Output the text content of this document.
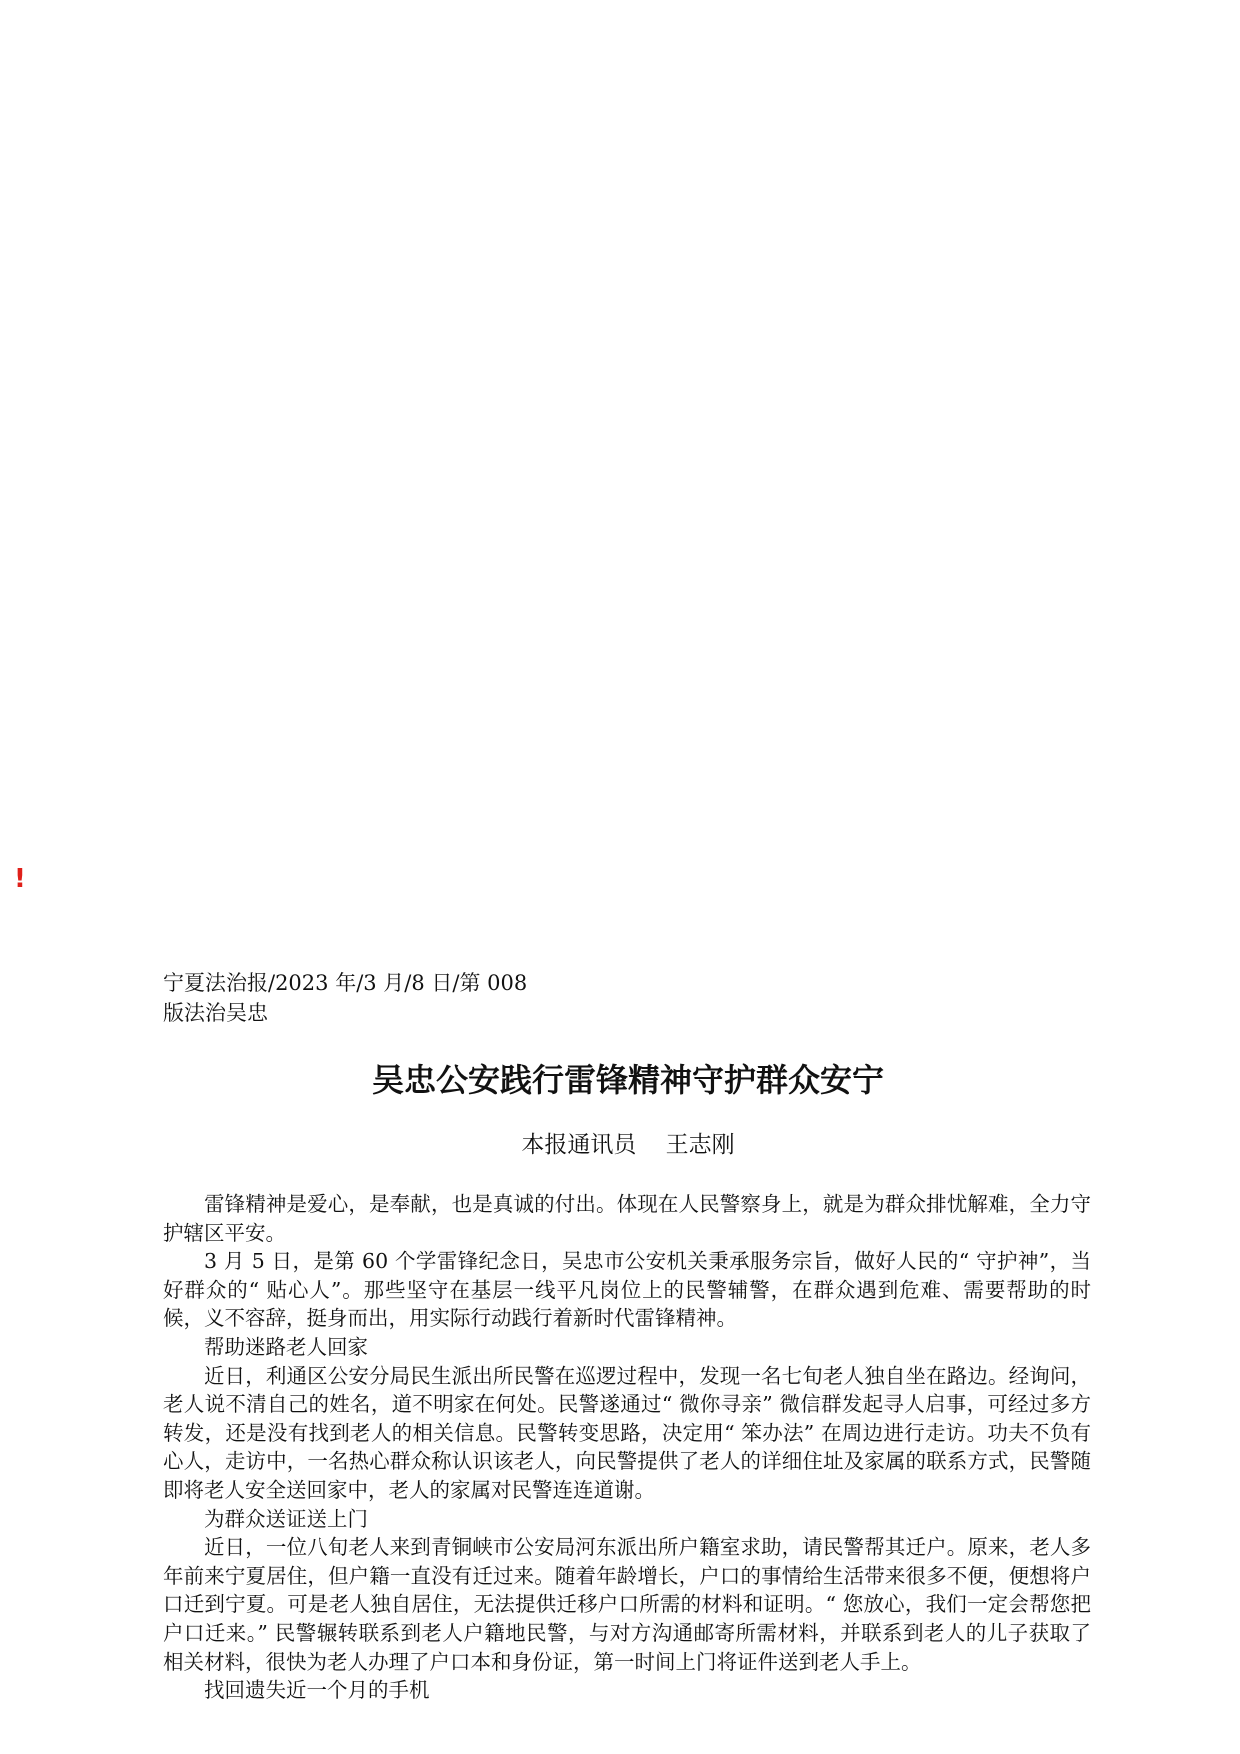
!
宁夏法治报/2023 年/3 月/8 日/第 008
版法治吴忠
吴忠公安践行雷锋精神守护群众安宁
本报通讯员    王志刚

雷锋精神是爱心，是奉献，也是真诚的付出。体现在人民警察身上，就是为群众排忧解难，全力守护辖区平安。

3 月 5 日，是第 60 个学雷锋纪念日，吴忠市公安机关秉承服务宗旨，做好人民的“ 守护神”，当好群众的“ 贴心人”。那些坚守在基层一线平凡岗位上的民警辅警，在群众遇到危难、需要帮助的时候，义不容辞，挺身而出，用实际行动践行着新时代雷锋精神。

帮助迷路老人回家

近日，利通区公安分局民生派出所民警在巡逻过程中，发现一名七旬老人独自坐在路边。经询问，老人说不清自己的姓名，道不明家在何处。民警遂通过“ 微你寻亲” 微信群发起寻人启事，可经过多方转发，还是没有找到老人的相关信息。民警转变思路，决定用“ 笨办法” 在周边进行走访。功夫不负有心人，走访中，一名热心群众称认识该老人，向民警提供了老人的详细住址及家属的联系方式，民警随即将老人安全送回家中，老人的家属对民警连连道谢。

为群众送证送上门

近日，一位八旬老人来到青铜峡市公安局河东派出所户籍室求助，请民警帮其迁户。原来，老人多年前来宁夏居住，但户籍一直没有迁过来。随着年龄增长，户口的事情给生活带来很多不便，便想将户口迁到宁夏。可是老人独自居住，无法提供迁移户口所需的材料和证明。“ 您放心，我们一定会帮您把户口迁来。” 民警辗转联系到老人户籍地民警，与对方沟通邮寄所需材料，并联系到老人的儿子获取了相关材料，很快为老人办理了户口本和身份证，第一时间上门将证件送到老人手上。

找回遗失近一个月的手机
